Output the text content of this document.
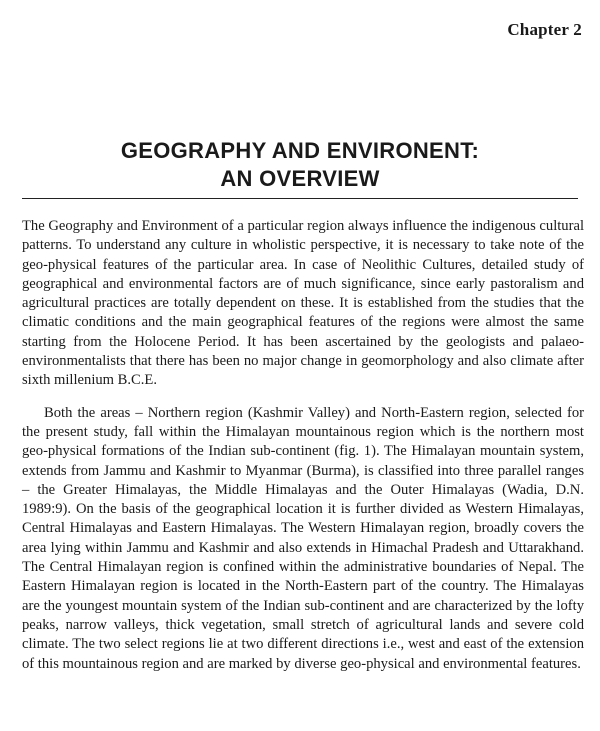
Chapter 2
GEOGRAPHY AND ENVIRONENT:
AN OVERVIEW

The Geography and Environment of a particular region always influence the indigenous cultural patterns. To understand any culture in wholistic perspective, it is necessary to take note of the geo-physical features of the particular area. In case of Neolithic Cultures, detailed study of geographical and environmental factors are of much significance, since early pastoralism and agricultural practices are totally dependent on these. It is established from the studies that the climatic conditions and the main geographical features of the regions were almost the same starting from the Holocene Period. It has been ascertained by the geologists and palaeo-environmentalists that there has been no major change in geomorphology and also climate after sixth millenium B.C.E.

Both the areas – Northern region (Kashmir Valley) and North-Eastern region, selected for the present study, fall within the Himalayan mountainous region which is the northern most geo-physical formations of the Indian sub-continent (fig. 1). The Himalayan mountain system, extends from Jammu and Kashmir to Myanmar (Burma), is classified into three parallel ranges – the Greater Himalayas, the Middle Himalayas and the Outer Himalayas (Wadia, D.N. 1989:9). On the basis of the geographical location it is further divided as Western Himalayas, Central Himalayas and Eastern Himalayas. The Western Himalayan region, broadly covers the area lying within Jammu and Kashmir and also extends in Himachal Pradesh and Uttarakhand. The Central Himalayan region is confined within the administrative boundaries of Nepal. The Eastern Himalayan region is located in the North-Eastern part of the country. The Himalayas are the youngest mountain system of the Indian sub-continent and are characterized by the lofty peaks, narrow valleys, thick vegetation, small stretch of agricultural lands and severe cold climate. The two select regions lie at two different directions i.e., west and east of the extension of this mountainous region and are marked by diverse geo-physical and environmental features.
